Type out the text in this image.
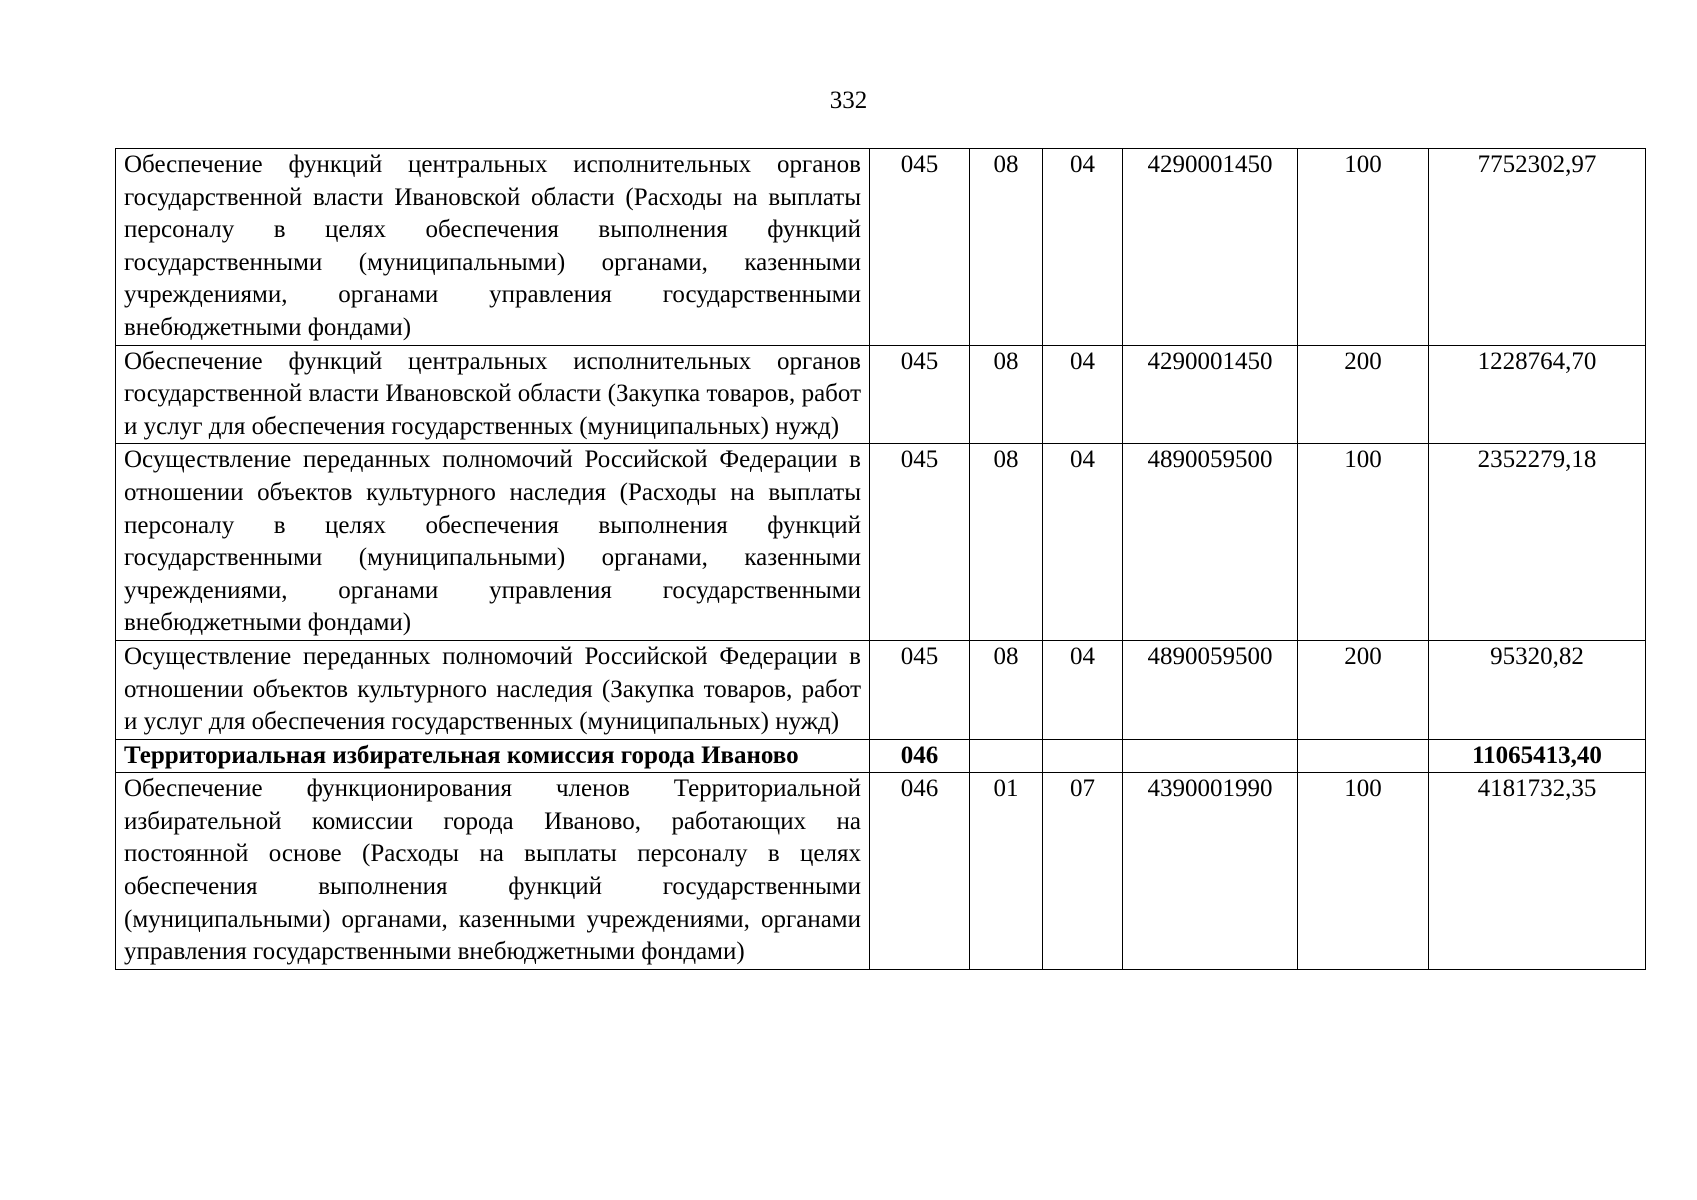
332
Обеспечение функций центральных исполнительных органов государственной власти Ивановской области (Расходы на выплаты персоналу в целях обеспечения выполнения функций государственными (муниципальными) органами, казенными учреждениями, органами управления государственными внебюджетными фондами)	045	08	04	4290001450	100	7752302,97
Обеспечение функций центральных исполнительных органов государственной власти Ивановской области (Закупка товаров, работ и услуг для обеспечения государственных (муниципальных) нужд)	045	08	04	4290001450	200	1228764,70
Осуществление переданных полномочий Российской Федерации в отношении объектов культурного наследия (Расходы на выплаты персоналу в целях обеспечения выполнения функций государственными (муниципальными) органами, казенными учреждениями, органами управления государственными внебюджетными фондами)	045	08	04	4890059500	100	2352279,18
Осуществление переданных полномочий Российской Федерации в отношении объектов культурного наследия (Закупка товаров, работ и услуг для обеспечения государственных (муниципальных) нужд)	045	08	04	4890059500	200	95320,82
Территориальная избирательная комиссия города Иваново	046					11065413,40
Обеспечение функционирования членов Территориальной избирательной комиссии города Иваново, работающих на постоянной основе (Расходы на выплаты персоналу в целях обеспечения выполнения функций государственными (муниципальными) органами, казенными учреждениями, органами управления государственными внебюджетными фондами)	046	01	07	4390001990	100	4181732,35
